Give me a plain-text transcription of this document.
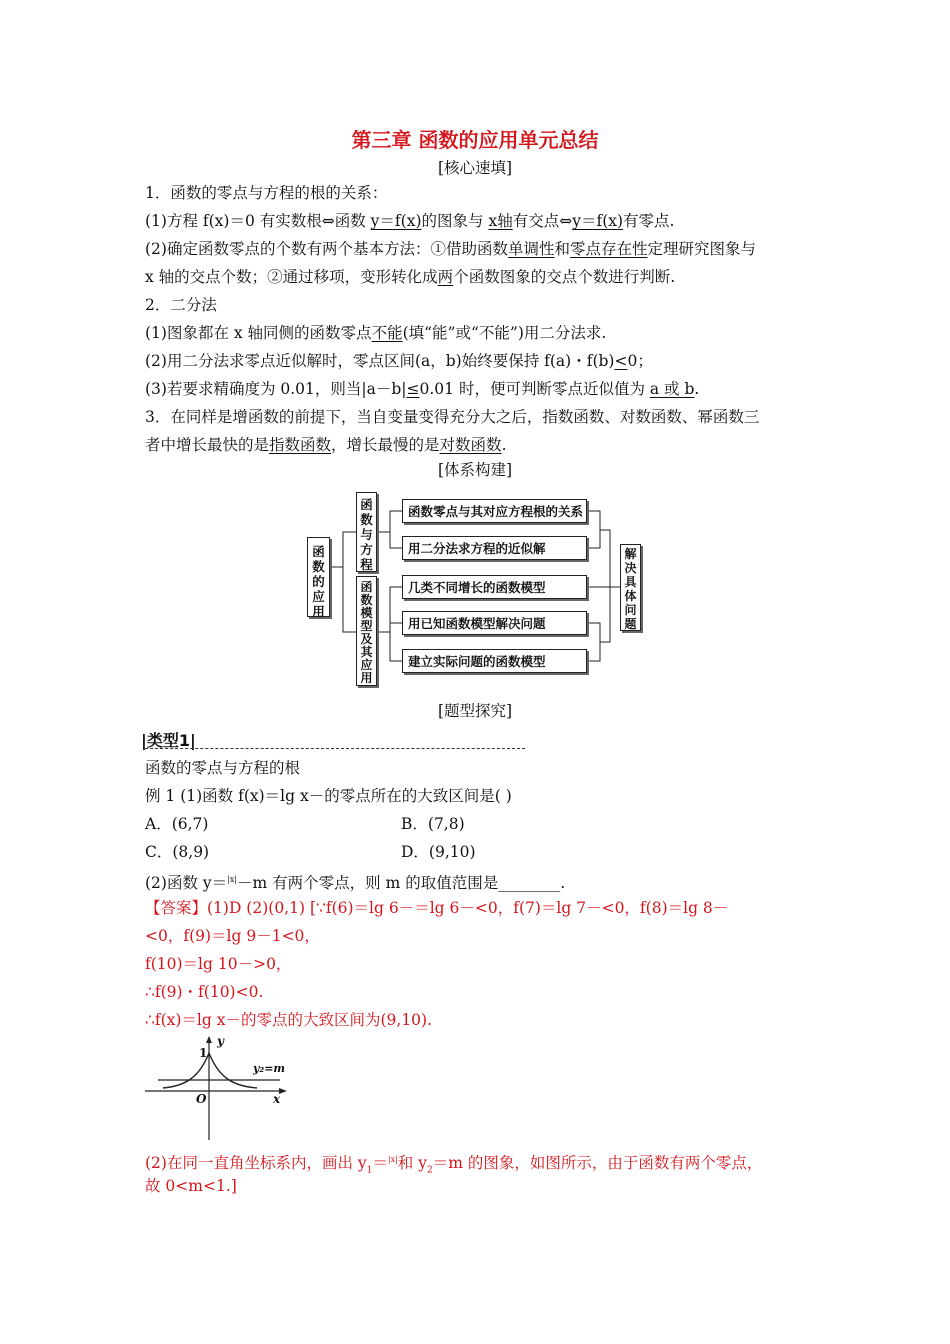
第三章 函数的应用单元总结
[核心速填]
1．函数的零点与方程的根的关系：
(1)方程 f(x)＝0 有实数根⇔函数 y＝f(x)的图象与 x轴有交点⇔y＝f(x)有零点.
(2)确定函数零点的个数有两个基本方法：①借助函数单调性和零点存在性定理研究图象与
x 轴的交点个数；②通过移项，变形转化成两个函数图象的交点个数进行判断.
2．二分法
(1)图象都在 x 轴同侧的函数零点不能(填“能”或“不能”)用二分法求.
(2)用二分法求零点近似解时，零点区间(a，b)始终要保持 f(a)・f(b)<0；
(3)若要求精确度为 0.01，则当|a－b|≤0.01 时，便可判断零点近似值为 a 或 b.
3．在同样是增函数的前提下，当自变量变得充分大之后，指数函数、对数函数、幂函数三
者中增长最快的是指数函数，增长最慢的是对数函数.
[体系构建]
函
数
的
应
用
函
数
与
方
程
函
数
模
型
及
其
应
用
函数零点与其对应方程根的关系
用二分法求方程的近似解
几类不同增长的函数模型
用已知函数模型解决问题
建立实际问题的函数模型
解
决
具
体
问
题
[题型探究]
|类型1|
函数的零点与方程的根
例 1 (1)函数 f(x)＝lg x－的零点所在的大致区间是( )
A．(6,7)	B．(7,8)
C．(8,9)	D．(9,10)
(2)函数 y＝$^{|x|}$－m 有两个零点，则 m 的取值范围是________.
【答案】(1)D (2)(0,1) [∵f(6)＝lg 6－＝lg 6－<0，f(7)＝lg 7－<0，f(8)＝lg 8－
<0，f(9)＝lg 9－1<0，
f(10)＝lg 10－>0，
∴f(9)・f(10)<0.
∴f(x)＝lg x－的零点的大致区间为(9,10).
y
x
O
1
y₂=m
(2)在同一直角坐标系内，画出 $y_1=^{|x|}$和 $y_2=m$ 的图象，如图所示，由于函数有两个零点，
故 0<m<1.]
